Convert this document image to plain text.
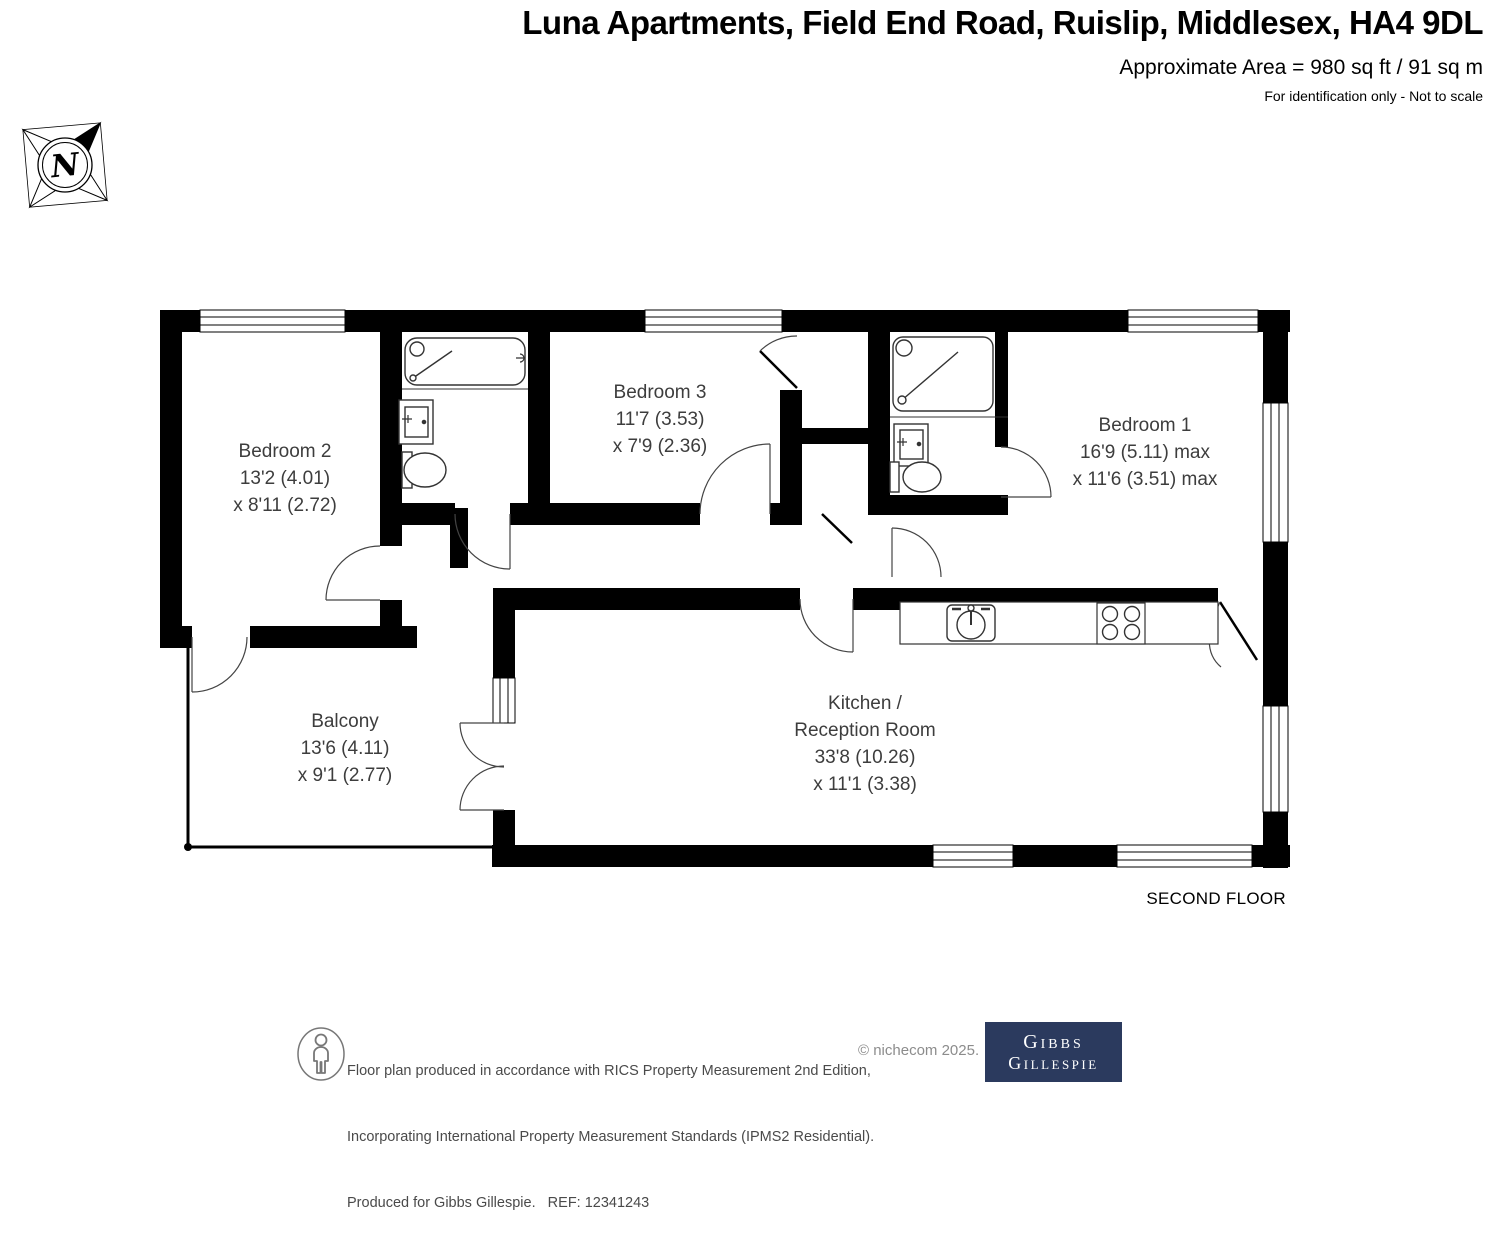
Luna Apartments, Field End Road, Ruislip, Middlesex, HA4 9DL
Approximate Area = 980 sq ft / 91 sq m
For identification only - Not to scale
N
Bedroom 2
13'2 (4.01)
x 8'11 (2.72)
Bedroom 3
11'7 (3.53)
x 7'9 (2.36)
Bedroom 1
16'9 (5.11) max
x 11'6 (3.51) max
Balcony
13'6 (4.11)
x 9'1 (2.77)
Kitchen /
Reception Room
33'8 (10.26)
x 11'1 (3.38)
SECOND FLOOR

Floor plan produced in accordance with RICS Property Measurement 2nd Edition,

Incorporating International Property Measurement Standards (IPMS2 Residential).

Produced for Gibbs Gillespie.   REF: 12341243

© nichecom 2025. Gibbs
Gillespie
